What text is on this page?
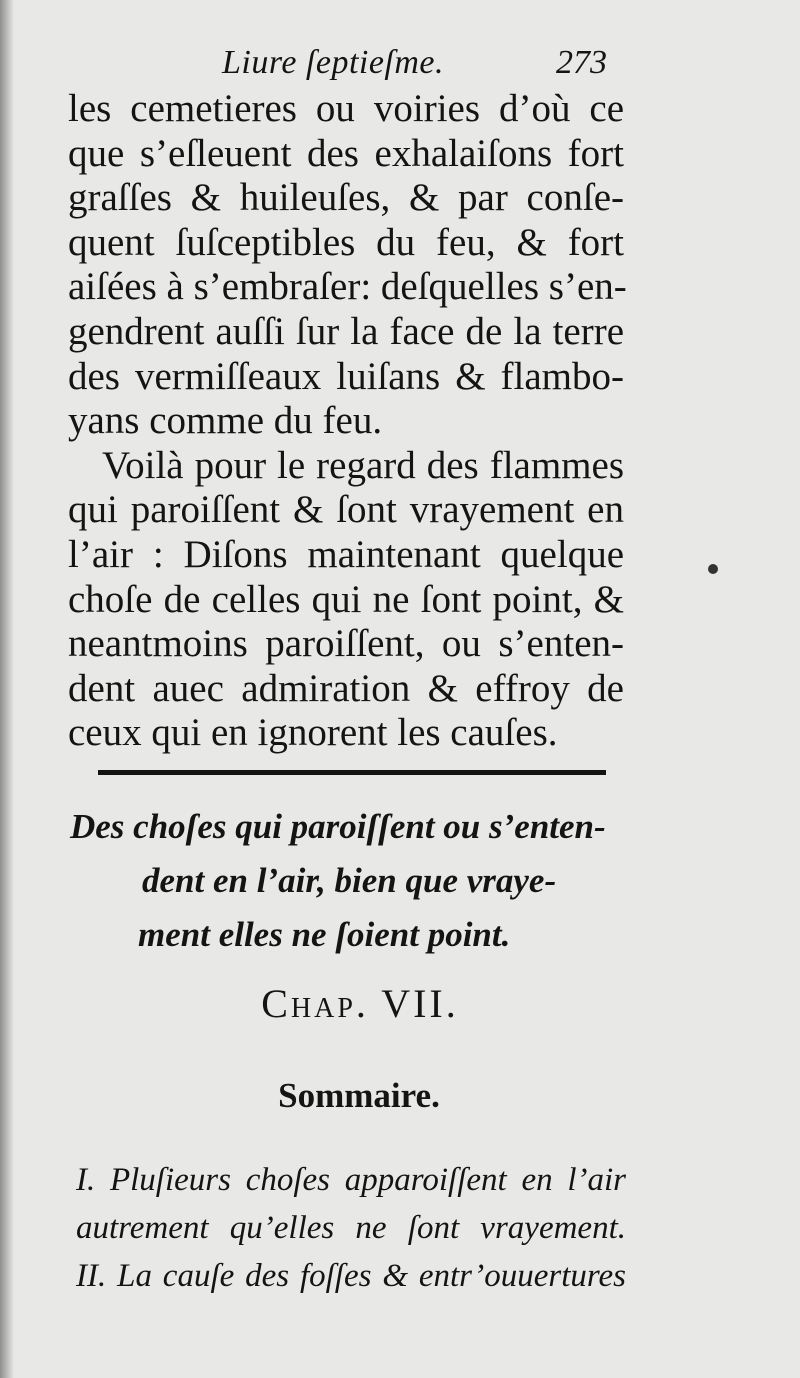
Liure ſeptieſme.	273
les cemetieres ou voiries d’où ce
que s’eſleuent des exhalaiſons fort
graſſes & huileuſes, & par conſe-
quent ſuſceptibles du feu, & fort
aiſées à s’embraſer: deſquelles s’en-
gendrent auſſi ſur la face de la terre
des vermiſſeaux luiſans & flambo-
yans comme du feu.
Voilà pour le regard des flammes
qui paroiſſent & ſont vrayement en
l’air : Diſons maintenant quelque
choſe de celles qui ne ſont point, &
neantmoins paroiſſent, ou s’enten-
dent auec admiration & effroy de
ceux qui en ignorent les cauſes.
Des choſes qui paroiſſent ou s’enten-
dent en l’air, bien que vraye-
ment elles ne ſoient point.
Chap. VII.
Sommaire.
I. Pluſieurs choſes apparoiſſent en l’air
autrement qu’elles ne ſont vrayement.
II. La cauſe des foſſes & entr’ouuertures
